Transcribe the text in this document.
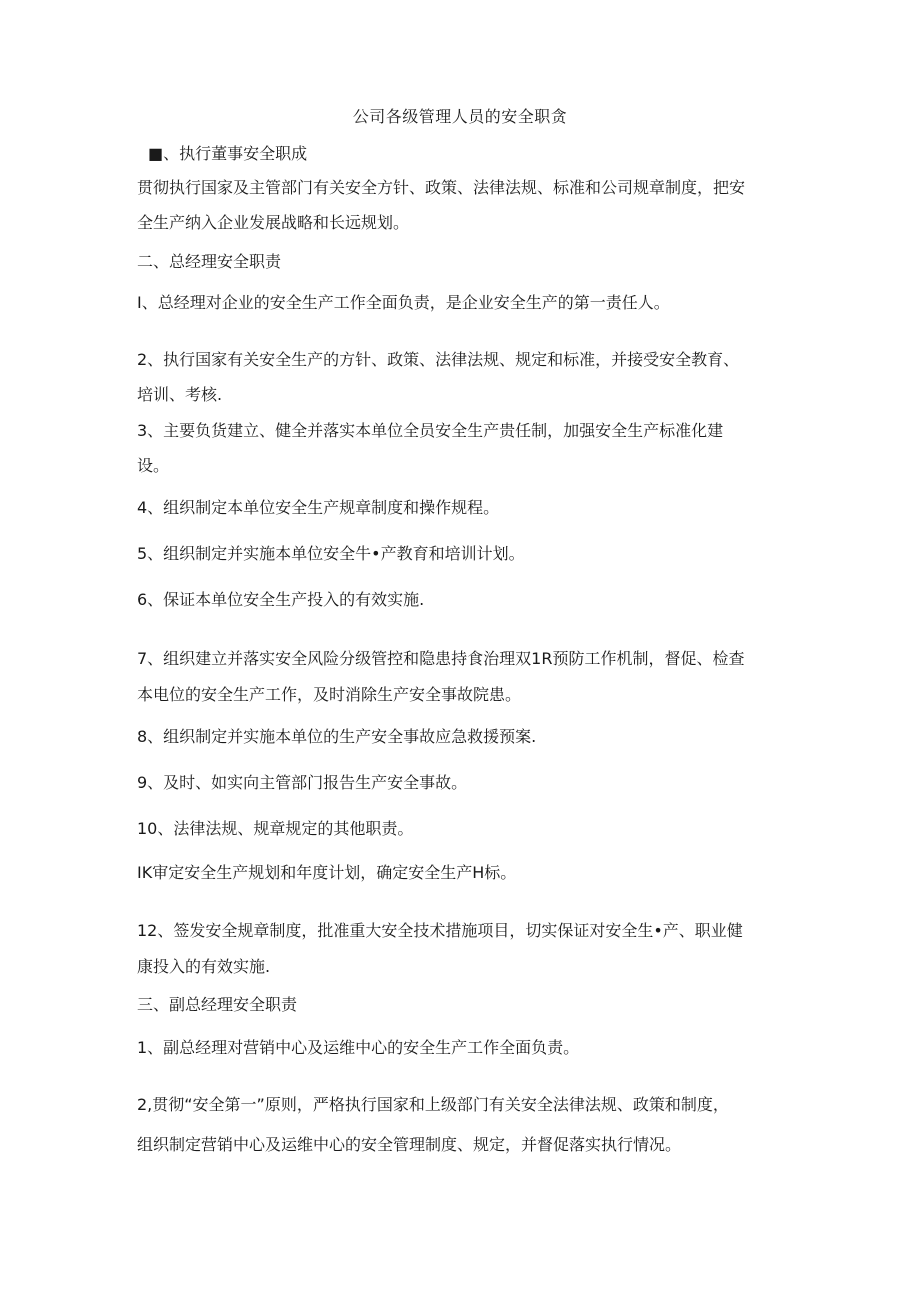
公司各级管理人员的安全职贪
■、执行董事安全职成
贯彻执行国家及主管部门有关安全方针、政策、法律法规、标准和公司规章制度，把安
全生产纳入企业发展战略和长远规划。
二、总经理安全职责
I、总经理对企业的安全生产工作全面负责，是企业安全生产的第一责任人。
2、执行国家有关安全生产的方针、政策、法律法规、规定和标准，并接受安全教育、
培训、考核.
3、主要负货建立、健全并落实本单位全员安全生产贵任制，加强安全生产标准化建
设。
4、组织制定本单位安全生产规章制度和操作规程。
5、组织制定并实施本单位安全牛•产教育和培训计划。
6、保证本单位安全生产投入的有效实施.
7、组织建立并落实安全风险分级管控和隐患持食治理双1R预防工作机制，督促、检查
本电位的安全生产工作，及时消除生产安全事故院患。
8、组织制定并实施本单位的生产安全事故应急救援预案.
9、及时、如实向主管部门报告生产安全事故。
10、法律法规、规章规定的其他职责。
IK审定安全生产规划和年度计划，确定安全生产H标。
12、签发安全规章制度，批准重大安全技术措施项目，切实保证对安全生•产、职业健
康投入的有效实施.
三、副总经理安全职责
1、副总经理对营销中心及运维中心的安全生产工作全面负责。
2,贯彻“安全第一”原则，严格执行国家和上级部门有关安全法律法规、政策和制度，
组织制定营销中心及运维中心的安全管理制度、规定，并督促落实执行情况。
